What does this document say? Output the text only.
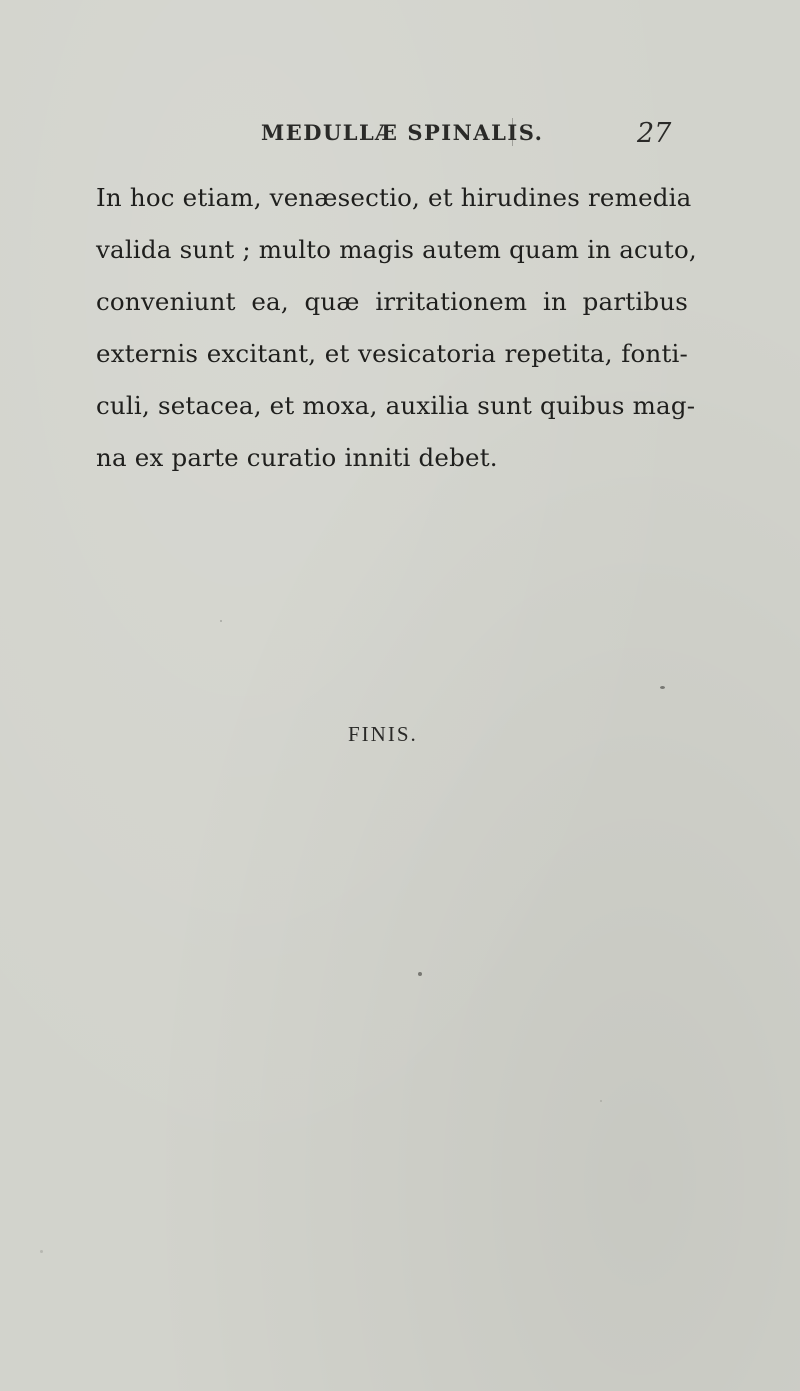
MEDULLÆ SPINALIS.	27
In hoc etiam, venæsectio, et hirudines remedia
valida sunt ; multo magis autem quam in acuto,
conveniunt ea, quæ irritationem in partibus
externis excitant, et vesicatoria repetita, fonti-
culi, setacea, et moxa, auxilia sunt quibus mag-
na ex parte curatio inniti debet.
FINIS.
